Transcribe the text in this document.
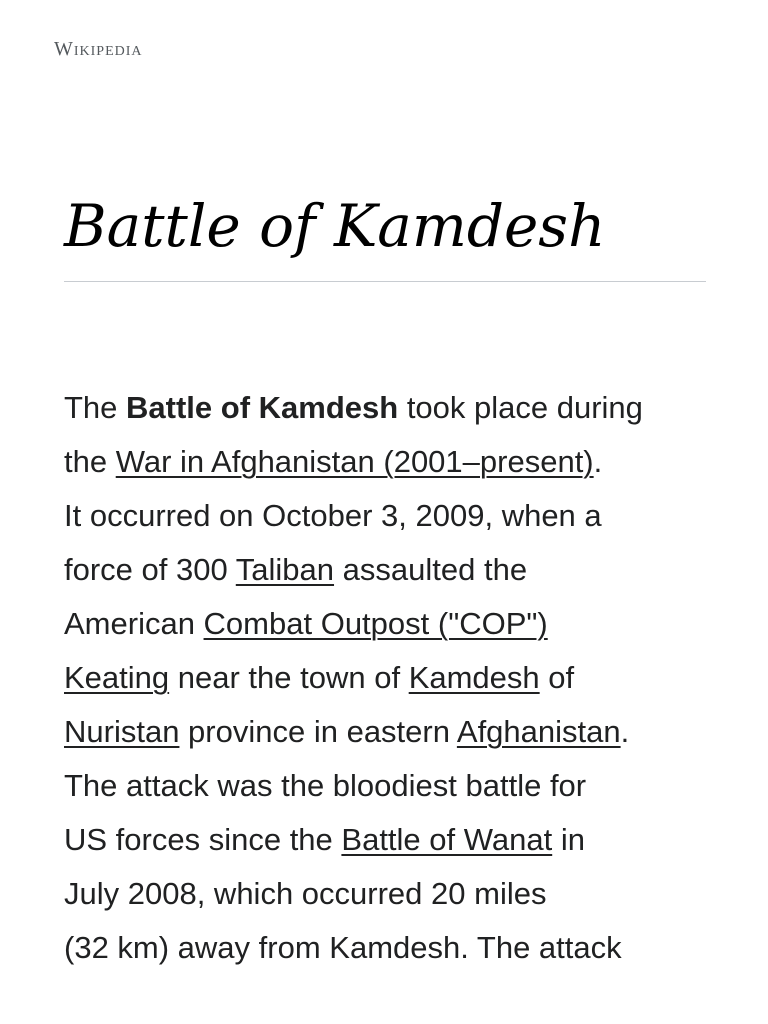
Wikipedia
Battle of Kamdesh

The Battle of Kamdesh took place during
the War in Afghanistan (2001–present).
It occurred on October 3, 2009, when a
force of 300 Taliban assaulted the
American Combat Outpost ("COP")
Keating near the town of Kamdesh of
Nuristan province in eastern Afghanistan.
The attack was the bloodiest battle for
US forces since the Battle of Wanat in
July 2008, which occurred 20 miles
(32 km) away from Kamdesh. The attack
